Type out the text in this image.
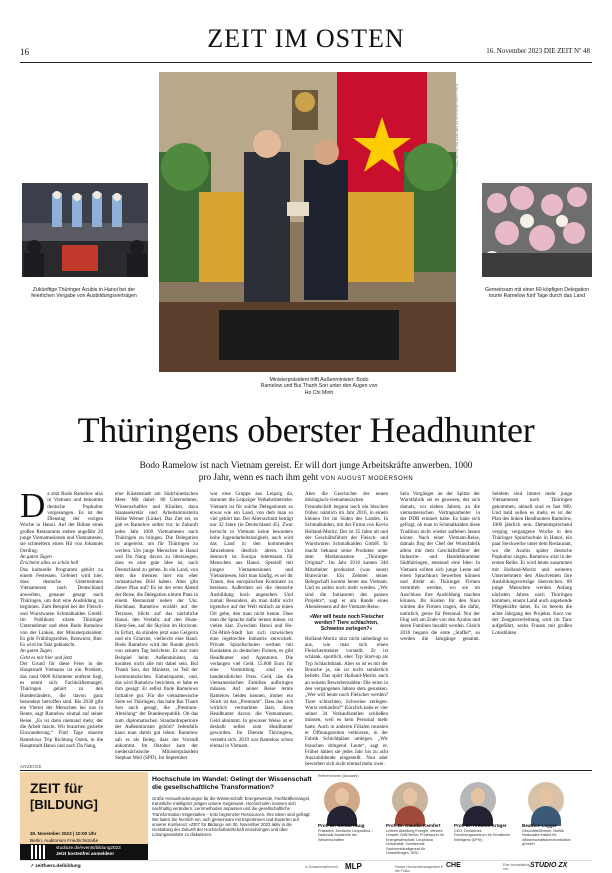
16	ZEIT IM OSTEN	16. November 2023 DIE ZEIT Nº 48
Fotos: August Modersohn für DIE ZEIT; Bui Van Hai/VNA (r.)
Zukünftige Thüringer Azubis in Hanoi bei der feierlichen Vergabe von Ausbildungsverträgen
Gemeinsam mit einer 60-köpfigen Delegation tourte Ramelow fünf Tage durch das Land
Ministerpräsident trifft Außenminister: Bodo Ramelow und Bui Thanh Son unter den Augen von Ho Chi Minh
Thüringens oberster Headhunter
Bodo Ramelow ist nach Vietnam gereist. Er will dort junge Arbeitskräfte anwerben. 1000 pro Jahr, wenn es nach ihm geht VON AUGUST MODERSOHN

Da sitzt Bodo Ramelow also in Vietnam und bekommt deutsche Popkultur vorgesungen. Es ist der Dienstag der vorigen Woche in Hanoi. Auf der Bühne eines großen Restaurants stehen ungefähr 20 junge Vietnamesinnen und Vietnamesen, sie schmettern einen Hit von Johannes Oerding:

An guten Tagen

Erscheint alles so schön hell

Das kulturelle Programm gehört zu einem Festessen. Gefeiert wird hier, dass deutsche Unternehmen Vietnamesen nach Deutschland anwerben, genauer gesagt nach Thüringen, um dort eine Ausbildung zu beginnen. Zum Beispiel bei der Fleisch- und Wurstwaren Schmalkalden GmbH. Im Publikum sitzen Thüringer Unternehmer und eben Bodo Ramelow von der Linken, der Ministerpräsident. Es gibt Frühlingsrollen, Bratwurst, Bier. Es wird im Takt geklatscht.

An guten Tagen

Geht es mir hier und jetzt

Der Grund für diese Feier in der Hauptstadt Vietnams ist ein Problem, das rund 9000 Kilometer entfernt liegt, es nennt sich: Fachkräftemangel. Thüringen gehört zu den Bundesländern, die davon ganz besonders betroffen sind. Bis 2030 gibt ein Viertel der Menschen bei uns in Rente, sagt Ramelow einmal auf seiner Reise. „Es ist dann niemand mehr, der die Arbeit macht. Wir brauchen gezielte Einwanderung.“ Fünf Tage dauerte Ramelows Trip Richtung Osten, in die Hauptstadt Hanoi und nach Da Nang,

eine Küstenstadt am Südchinesischen Meer. Mit dabei: 80 Unternehmer, Wissenschaftler und Kliniker, dazu Staatssekretär und Arbeitsministerin Heike Werner (Linke). Das Ziel sei, so gab es Ramelow selbst vor, in Zukunft jedes Jahr 1000 Vietnamesen nach Thüringen zu bringen. Die Delegation ist angereist, um für Thüringen zu werben. Um junge Menschen in Hanoi und Da Nang davon zu überzeugen, dass es eine gute Idee ist, nach Deutschland zu gehen. In ein Land, von dem die meisten hier ein eher romantisches Bild haben. Aber gibt dieser Plan auf? Es ist der erste Abend der Reise, die Delegation nimmt Platz in einem Restaurant neben der Uni. Hochhaus Ramelow erzählt auf der Terrasse, blickt auf das nächtliche Hanoi, den Verkehr, auf den Hoan-Kiem-See, auf die Skyline im Horizont. In Erfurt, da stünden jetzt eine Geigerin und ein Gitarrist, vielleicht eine Band. Bodo Ramelow wird der Runde gleich von seinem Tag berichten. Er war zum Beispiel beim Außenminister, da konnten nicht alle mit dabei sein. Bui Thanh Son, der Minister, ist Teil der kommunistischen Einheitspartei, und, das wird Ramelow berichten, er habe es ihm gesagt: Er selbst finde Ramelows Initiative gut. Für die vietnamesische Seite sei Thüringen, das habe Bui Thanh Son auch gesagt, die „Premium-Abteilung“ der Bundesrepublik. Ob das zum diplomatischen Standardrepertoire der Außenminister gehört? Jedenfalls kann man damit gut leben: Ramelow sah es als Beleg, dass der Vorstoß ankommt. Im Oktober kam der niedersächsische Ministerpräsident Stephan Weil (SPD). Im September

war eine Gruppe aus Leipzig da, darunter die Leipziger Verkehrsbetriebe. Vietnam ist für solche Delegationen so etwas wie ein Land, von dem man so viel gehört hat. Der Altersschnitt beträgt nur 32 Jahre (in Deutschland 45). Zwar herrscht in Vietnam keine besonders hohe Jugendarbeitslosigkeit, auch wird das Land in den kommenden Jahrzehnten deutlich altern. Und dennoch ist Europa interessant für Menschen aus Hanoi. Speziell mit jungen Vietnamesinnen und Vietnamesen, hört man häufig, es sei ihr Traum, den europäischen Kontinent zu bereisen. Außerdem sei die deutsche Ausbildung hoch angesehen. Und zumal: Besonders, als man dafür nicht irgendwo auf der Welt einfach an einen Ort gehe, den man nicht kenne. Dass man die Sprache dafür lernen müsse, ist vielen klar. Zwischen Hanoi und Ho-Chi-Minh-Stadt hat sich inzwischen eine regelrechte Industrie entwickelt. Private Sprachschulen werben mit Kontakten zu deutschen Firmen, es gibt Headhunter und Agenturen. Die verlangen viel Geld. 15.000 Euro für eine Vermittlung sind ein handelsüblicher Preis. Geld, das die vietnamesischen Familien aufbringen müssen. Auf seiner Reise lernte Ramelow beides kennen, immer ein Stück ist das „Premium“. Dass das sich wirklich vermarkten lässt, diese Headhunter davon: die Vietnamesen, Geld abnimmt. In gewisser Weise ist er deshalb selbst zum Headhunter geworden. Im Dienste Thüringens, versteht sich. 2019 war Ramelow schon einmal in Vietnam.

Aber die Geschichte der neuen thüringisch-vietnamesischen Freundschaft begann noch ein bisschen früher, nämlich im Jahr 2016, in einem kleinen Ort im Süden des Landes. In Schmalkalden, mit der Firma von Kevin Holland-Moritz. Der ist 35 Jahre alt und der Geschäftsführer der Fleisch- und Wurstwaren Schmalkalden GmbH. Er macht bekannt seine Produkte unter dem Markennamen „Thüringer Original“. Im Jahr 2016 kamen 340 Mitarbeiter produziert (was sonst) Bratwürste. Ein Zehntel seiner Belegschaft kommt heute aus Vietnam. Und es sollen noch mehr werden. „Wir sind die Initiatoren des ganzen Projekts“, sagt er am Rande eines Abendessens auf der Vietnam-Reise.

»Wer will heute noch Fleischer werden? Tiere schlachten, Schweine zerlegen?«

Holland-Moritz sitzt nicht unbedingt so aus, wie man sich einen Fleischermeister vorstellt. Er ist schlank, sportlich, eher Typ Start-up als Typ Schlachtbank. Aber so ist es mit der Branche ja, sie ist nicht sonderlich beliebt. Das spürt Holland-Moritz auch an seinem Bewerberzahlen: Die seien in den vergangenen Jahren stets gesunken. „Wer will heute noch Fleischer werden? Tiere schlachten, Schweine zerlegen. Wurst verkaufen?“ Kürzlich habe er vier seiner 34 Verkaufsstellen schließen müssen, weil es kein Personal mehr hatte. Auch in anderen Filialen mussten er Öffnungszeiten verkürzen, in der Fabrik Schichtpläne umlegen. „Wir brauchen dringend Leute“, sagt er. Früher hätten sie jedes Jahr bis zu acht Auszubildende eingestellt. Nun aber bewerben sich nicht einmal mehr zwei.

Sein Vorgänger an der Spitze der Wurstfabrik sei es gewesen, der sich damals, vor sieben Jahren, an die vietnamesischen Vertragsarbeiter in der DDR erinnert habe. Es habe sich gefragt, ob man in Schmalkalden diese Tradition nicht wieder aufleben lassen könne. Nach einer Vietnam-Reise, damals flog der Chef der Wurstfabrik allein mit dem Geschäftsführer der Industrie- und Handelskammer Südthüringen, entstand eine Idee: In Vietnam sollten sich junge Leute auf einen Sprachkurs bewerben können und direkt an Thüringer Firmen vermittelt werden, wo sie im Anschluss ihre Ausbildung machen können. Ihr Kosten für den Kurs würden die Firmen tragen, die dafür, natürlich, gerne für Personal. Nur der Flug soll am Ende von den Azubis und deren Familien bezahlt werden. Gleich 2016 begann die erste „Staffel“, so werden die Jahrgänge genannt. Seitdem sind immer mehr junge Vietnamesen nach Thüringen gekommen, aktuell sind es fast 800. Und bald sollen es mehr, es ist der Plan des linken Headhunters Ramelow, 1000 jährlich sein. Dementsprechend verging vergangene Woche in den Thüringer Sprachschule in Hanoi, ein paar Steckwerke unter dem Restaurant, wo die Azubis später deutsche Popkultur singen. Ramelow sitzt in der ersten Reihe. Er wird heute zusammen mit Holland-Moritz und weiteren Unternehmern den Absolventen ihre Ausbildungsverträge überreichen. 80 junge Menschen werden Anfang nächsten Jahres nach Thüringen kommen, einem Land auch angehende Pflegekräfte dabei. Es ist bereits die achte Jahrgang des Projekts. Kurz vor der Zeugnisverleihung wird im Tanz aufgeführt, sechs Frauen mit großen Lotusblüten

ANZEIGE
ZEIT für
[BILDUNG]
30. November 2023 | 10:00 Uhr
Berlin, Auditorium Friedrichstraße
studioze.de/events/bildung2023
Jetzt kostenfrei anmelden!
Hochschule im Wandel: Gelingt der Wissenschaft die gesellschaftliche Transformation?
Große Herausforderungen für die Wissenschaft: Energiewende, Fachkräftemangel, Künstliche Intelligenz prägen unsere Gegenwart. Hochschulen müssen sich nachhaltig verändern. Lernmethoden anpassen und die gesellschaftliche Transformation mitgestalten – trotz begrenzter Ressourcen. Ihre Ideen sind gefragt: Wir laden Sie herzlich ein, sich gemeinsam mit Expertinnen und Experten auf unserer Konferenz »ZEIT für Bildung« am 30. November 2023 aktiv in die Gestaltung der Zukunft der Hochschullandschaft einzubringen und über Lösungsansätze zu diskutieren.
Referent:innen (Auswahl)
Prof. Dr. Gerald Haug
Präsident, Deutsche Leopoldina – Nationale Akademie der Wissenschaften
Prof. Dr. Claudia Kemfert
Leiterin Abteilung Energie, Verkehr, Umwelt, DIW Berlin; Professorin für Energiewirtschaft, Leuphana Universität; Vorsitzende Sachverständigenrat für Umweltfragen, SRU
Prof. Dr. Antonio Krüger
CEO, Deutsches Forschungszentrum für Künstliche Intelligenz (DFKI)
Beatrice Lugger
Geschäftsführerin, NaWik Nationales Institut für Wissenschaftskommunikation gGmbH
➚ zeitfuerx.de/bildung	In Zusammenarbeit mit MLP	Partner Hochschulmanagement in den Fokus
CHE	Eine Veranstaltung von	STUDIO ZX
